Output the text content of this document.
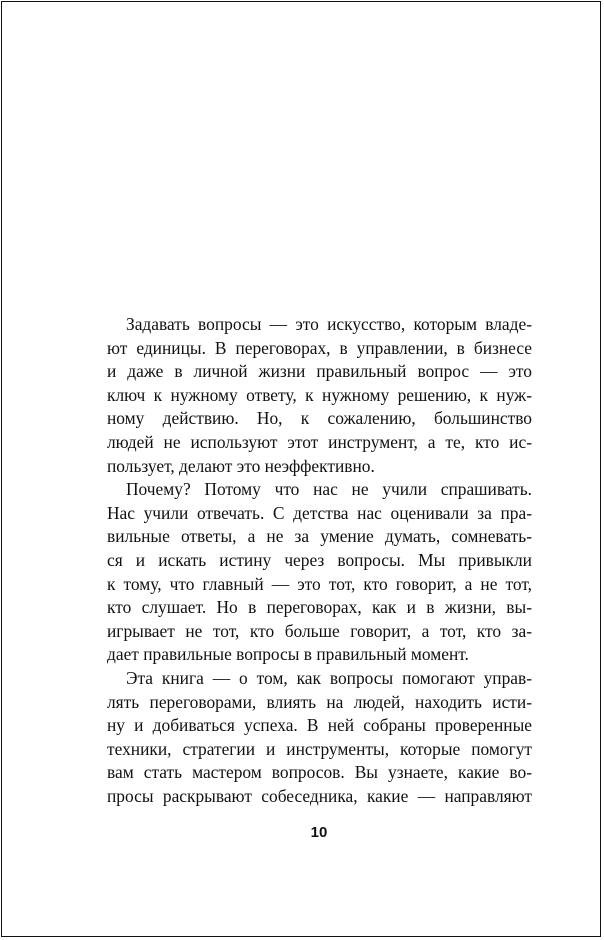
Задавать вопросы — это искусство, которым владе-
ют единицы. В переговорах, в управлении, в бизнесе
и даже в личной жизни правильный вопрос — это
ключ к нужному ответу, к нужному решению, к нуж-
ному действию. Но, к сожалению, большинство
людей не используют этот инструмент, а те, кто ис-
пользует, делают это неэффективно.
Почему? Потому что нас не учили спрашивать.
Нас учили отвечать. С детства нас оценивали за пра-
вильные ответы, а не за умение думать, сомневать-
ся и искать истину через вопросы. Мы привыкли
к тому, что главный — это тот, кто говорит, а не тот,
кто слушает. Но в переговорах, как и в жизни, вы-
игрывает не тот, кто больше говорит, а тот, кто за-
дает правильные вопросы в правильный момент.
Эта книга — о том, как вопросы помогают управ-
лять переговорами, влиять на людей, находить исти-
ну и добиваться успеха. В ней собраны проверенные
техники, стратегии и инструменты, которые помогут
вам стать мастером вопросов. Вы узнаете, какие во-
просы раскрывают собеседника, какие — направляют
10
